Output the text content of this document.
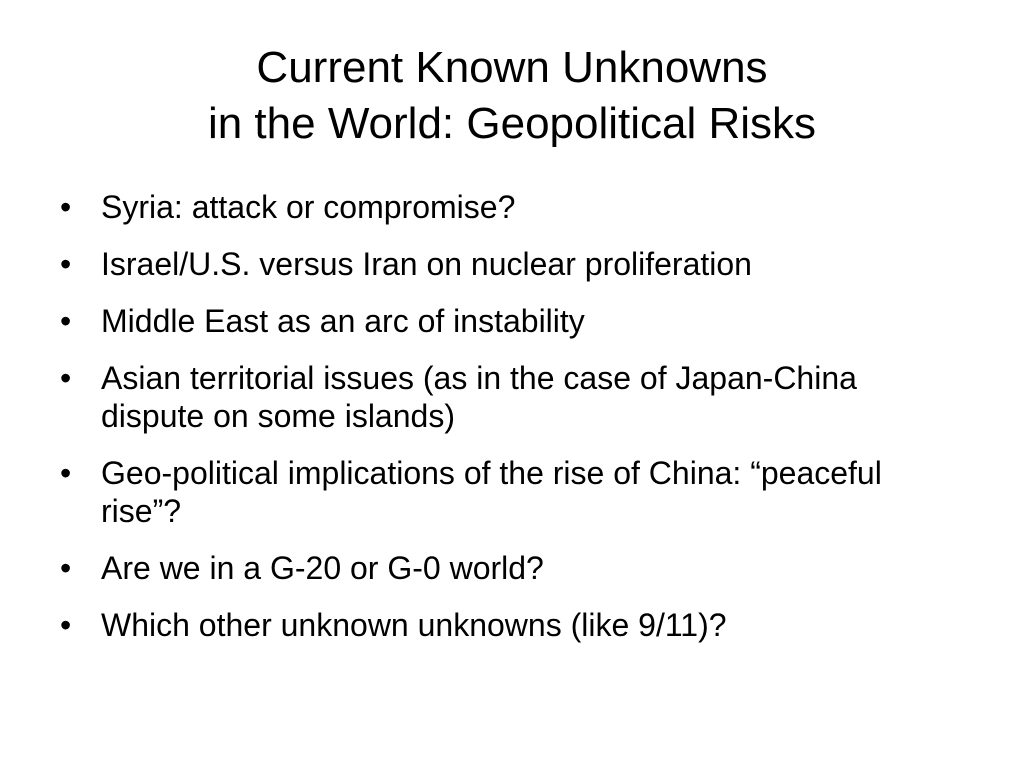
Current Known Unknowns
in the World: Geopolitical Risks
• Syria: attack or compromise?
• Israel/U.S. versus Iran on nuclear proliferation
• Middle East as an arc of instability
• Asian territorial issues (as in the case of Japan-China dispute on some islands)
• Geo-political implications of the rise of China: “peaceful rise”?
• Are we in a G-20 or G-0 world?
• Which other unknown unknowns (like 9/11)?
